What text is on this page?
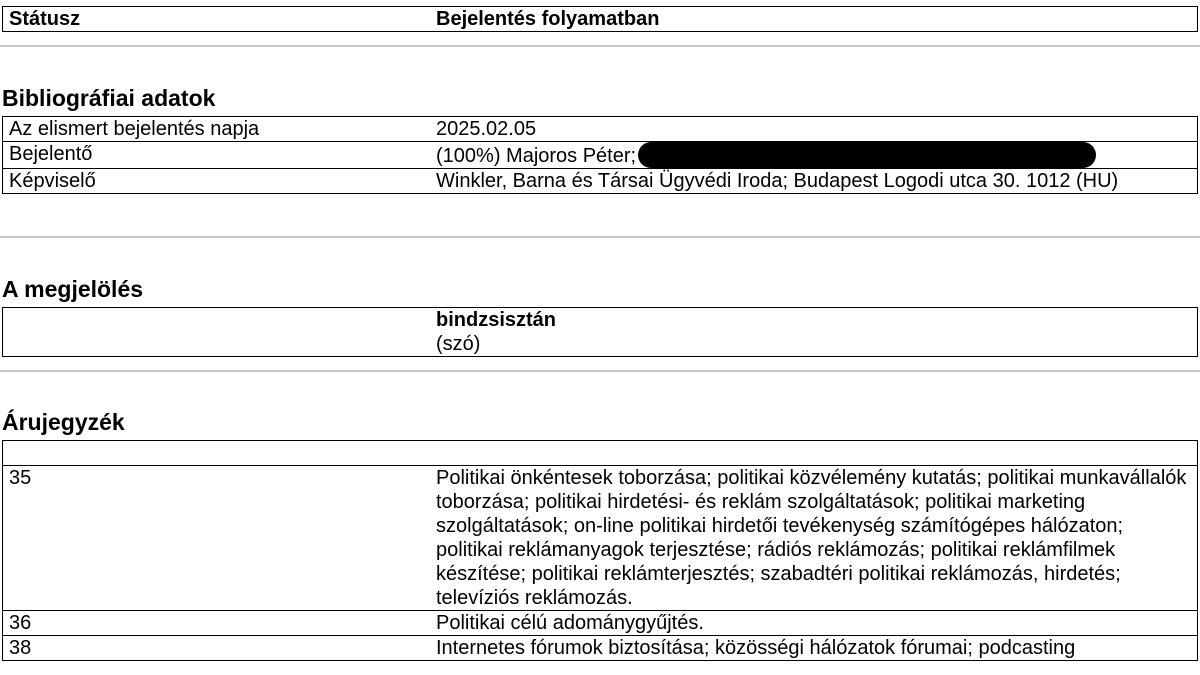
Státusz	Bejelentés folyamatban
Bibliográfiai adatok
Az elismert bejelentés napja	2025.02.05
Bejelentő	(100%) Majoros Péter;
Képviselő	Winkler, Barna és Társai Ügyvédi Iroda; Budapest Logodi utca 30. 1012 (HU)
A megjelölés

bindzsisztán
(szó)
Árujegyzék

35	Politikai önkéntesek toborzása; politikai közvélemény kutatás; politikai munkavállalók toborzása; politikai hirdetési- és reklám szolgáltatások; politikai marketing szolgáltatások; on-line politikai hirdetői tevékenység számítógépes hálózaton; politikai reklámanyagok terjesztése; rádiós reklámozás; politikai reklámfilmek készítése; politikai reklámterjesztés; szabadtéri politikai reklámozás, hirdetés; televíziós reklámozás.
36	Politikai célú adománygyűjtés.
38	Internetes fórumok biztosítása; közösségi hálózatok fórumai; podcasting
